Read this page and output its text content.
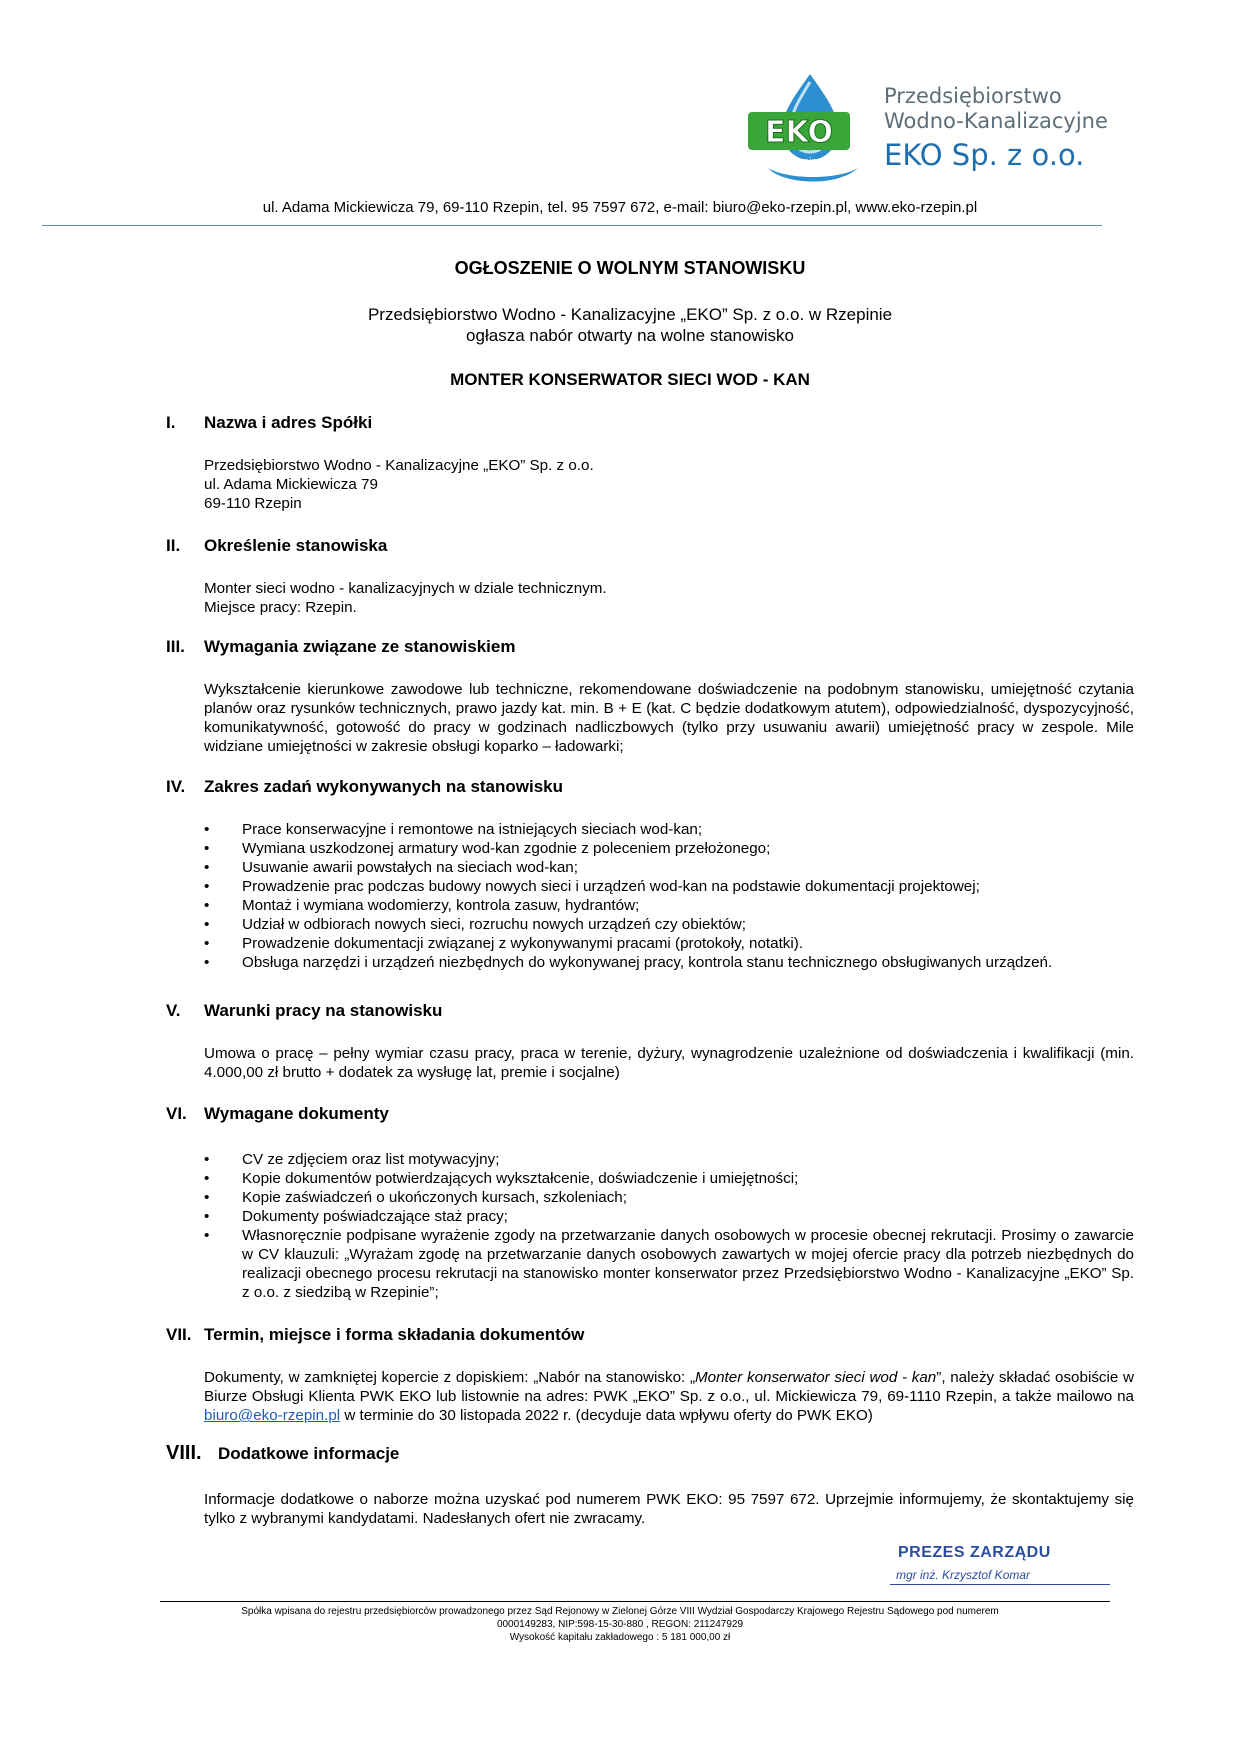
EKO
Rzepin
Przedsiębiorstwo
Wodno-Kanalizacyjne
EKO Sp. z o.o.
ul. Adama Mickiewicza 79, 69-110 Rzepin, tel. 95 7597 672, e-mail: biuro@eko-rzepin.pl, www.eko-rzepin.pl
OGŁOSZENIE O WOLNYM STANOWISKU
Przedsiębiorstwo Wodno - Kanalizacyjne „EKO” Sp. z o.o. w Rzepinie
ogłasza nabór otwarty na wolne stanowisko
MONTER KONSERWATOR SIECI WOD - KAN
I. Nazwa i adres Spółki
Przedsiębiorstwo Wodno - Kanalizacyjne „EKO” Sp. z o.o.
ul. Adama Mickiewicza 79
69-110 Rzepin
II. Określenie stanowiska
Monter sieci wodno - kanalizacyjnych w dziale technicznym.
Miejsce pracy: Rzepin.
III. Wymagania związane ze stanowiskiem

Wykształcenie kierunkowe zawodowe lub techniczne, rekomendowane doświadczenie na podobnym stanowisku, umiejętność czytania planów oraz rysunków technicznych, prawo jazdy kat. min. B + E (kat. C będzie dodatkowym atutem), odpowiedzialność, dyspozycyjność, komunikatywność, gotowość do pracy w godzinach nadliczbowych (tylko przy usuwaniu awarii) umiejętność pracy w zespole. Mile widziane umiejętności w zakresie obsługi koparko – ładowarki;

IV. Zakres zadań wykonywanych na stanowisku
• Prace konserwacyjne i remontowe na istniejących sieciach wod-kan;
• Wymiana uszkodzonej armatury wod-kan zgodnie z poleceniem przełożonego;
• Usuwanie awarii powstałych na sieciach wod-kan;
• Prowadzenie prac podczas budowy nowych sieci i urządzeń wod-kan na podstawie dokumentacji projektowej;
• Montaż i wymiana wodomierzy, kontrola zasuw, hydrantów;
• Udział w odbiorach nowych sieci, rozruchu nowych urządzeń czy obiektów;
• Prowadzenie dokumentacji związanej z wykonywanymi pracami (protokoły, notatki).
• Obsługa narzędzi i urządzeń niezbędnych do wykonywanej pracy, kontrola stanu technicznego obsługiwanych urządzeń.
V. Warunki pracy na stanowisku

Umowa o pracę – pełny wymiar czasu pracy, praca w terenie, dyżury, wynagrodzenie uzależnione od doświadczenia i kwalifikacji (min. 4.000,00 zł brutto + dodatek za wysługę lat, premie i socjalne)

VI. Wymagane dokumenty
• CV ze zdjęciem oraz list motywacyjny;
• Kopie dokumentów potwierdzających wykształcenie, doświadczenie i umiejętności;
• Kopie zaświadczeń o ukończonych kursach, szkoleniach;
• Dokumenty poświadczające staż pracy;
• Własnoręcznie podpisane wyrażenie zgody na przetwarzanie danych osobowych w procesie obecnej rekrutacji. Prosimy o zawarcie w CV klauzuli: „Wyrażam zgodę na przetwarzanie danych osobowych zawartych w mojej ofercie pracy dla potrzeb niezbędnych do realizacji obecnego procesu rekrutacji na stanowisko monter konserwator przez Przedsiębiorstwo Wodno - Kanalizacyjne „EKO” Sp. z o.o. z siedzibą w Rzepinie”;
VII. Termin, miejsce i forma składania dokumentów

Dokumenty, w zamkniętej kopercie z dopiskiem: „Nabór na stanowisko: „Monter konserwator sieci wod - kan”, należy składać osobiście w Biurze Obsługi Klienta PWK EKO lub listownie na adres: PWK „EKO” Sp. z o.o., ul. Mickiewicza 79, 69-1110 Rzepin, a także mailowo na biuro@eko-rzepin.pl w terminie do 30 listopada 2022 r. (decyduje data wpływu oferty do PWK EKO)

VIII. Dodatkowe informacje

Informacje dodatkowe o naborze można uzyskać pod numerem PWK EKO: 95 7597 672. Uprzejmie informujemy, że skontaktujemy się tylko z wybranymi kandydatami. Nadesłanych ofert nie zwracamy.

PREZES ZARZĄDU
mgr inż. Krzysztof Komar
Spółka wpisana do rejestru przedsiębiorców prowadzonego przez Sąd Rejonowy w Zielonej Górze VIII Wydział Gospodarczy Krajowego Rejestru Sądowego pod numerem
0000149283, NIP:598-15-30-880 , REGON: 211247929
Wysokość kapitału zakładowego : 5 181 000,00 zł
